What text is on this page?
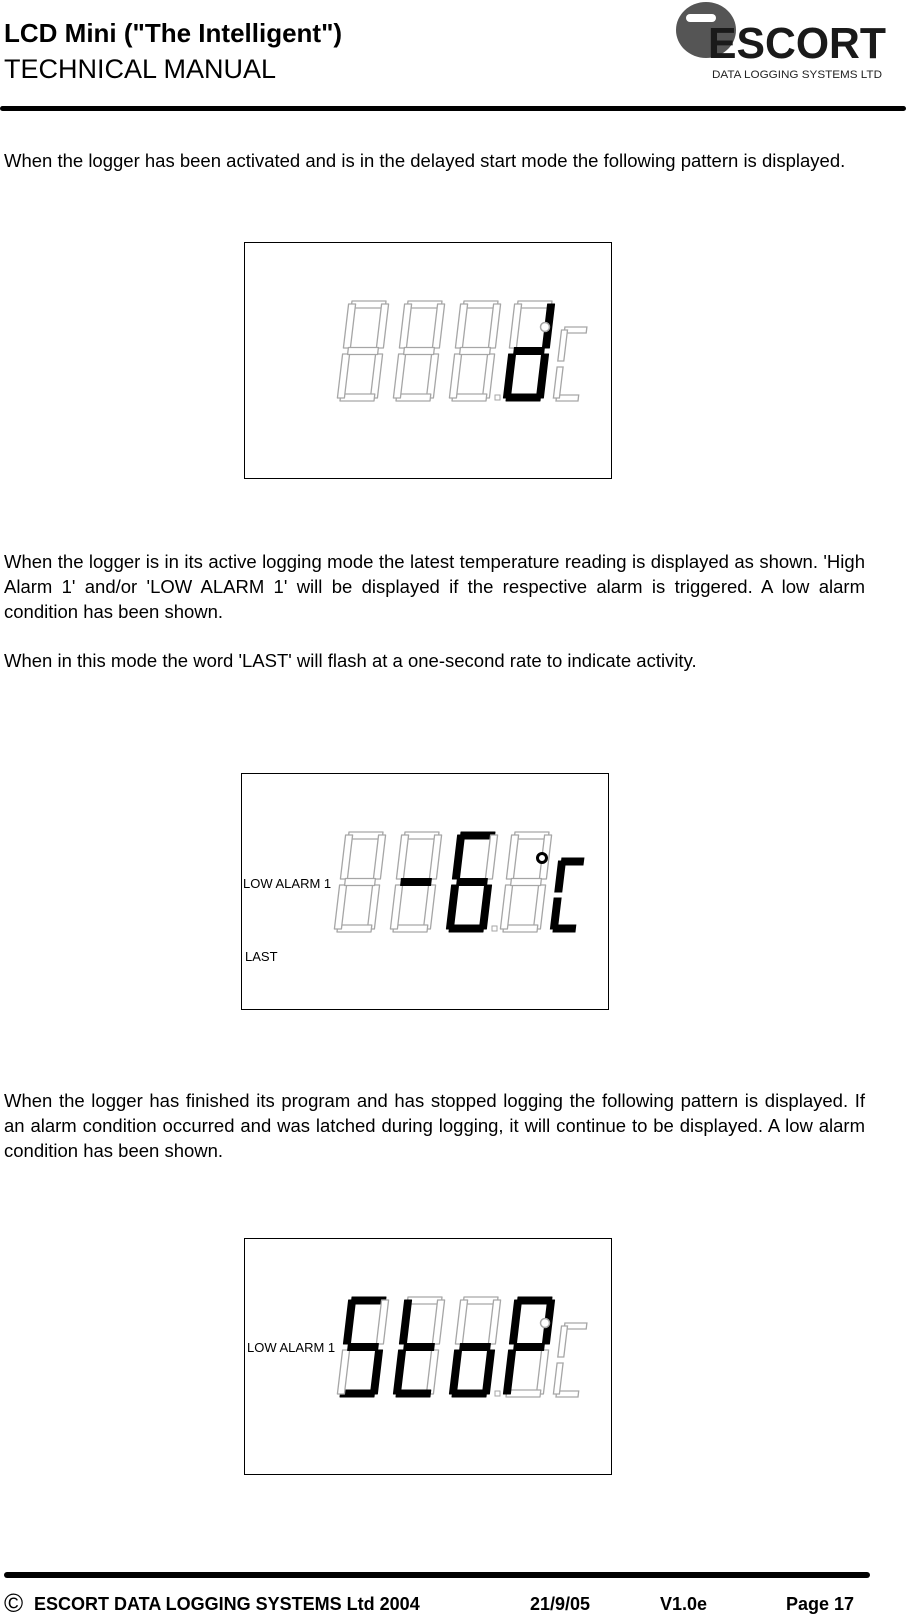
LCD Mini ("The Intelligent")
TECHNICAL MANUAL
ESCORT
DATA LOGGING SYSTEMS LTD

When the logger has been activated and is in the delayed start mode the following pattern is displayed.

When the logger is in its active logging mode the latest temperature reading is displayed as shown. 'High Alarm 1' and/or 'LOW ALARM 1' will be displayed if the respective alarm is triggered. A low alarm condition has been shown.

When in this mode the word 'LAST' will flash at a one-second rate to indicate activity.

LOW ALARM 1
LAST

When the logger has finished its program and has stopped logging the following pattern is displayed. If an alarm condition occurred and was latched during logging, it will continue to be displayed. A low alarm condition has been shown.

LOW ALARM 1
© ESCORT DATA LOGGING SYSTEMS Ltd 2004	21/9/05	V1.0e	Page 17
